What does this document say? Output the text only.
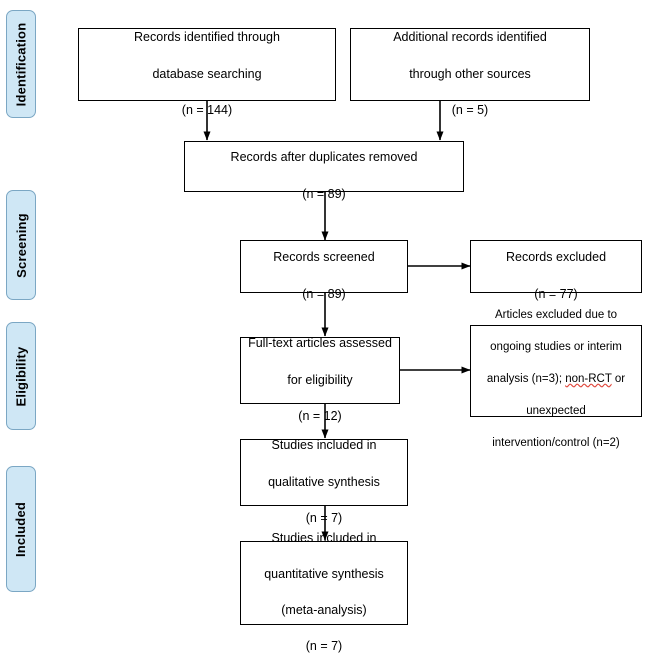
Identification
Screening
Eligibility
Included

Records identified through

database searching

(n = 144)

Additional records identified

through other sources

(n = 5)

Records after duplicates removed

(n = 89)

Records screened

(n = 89)

Records excluded

(n = 77)

Full-text articles assessed

for eligibility

(n = 12)

Articles excluded due to

ongoing studies or interim

analysis (n=3); non-RCT or

unexpected

intervention/control (n=2)

Studies included in

qualitative synthesis

(n = 7)

Studies included in

quantitative synthesis

(meta-analysis)

(n = 7)
